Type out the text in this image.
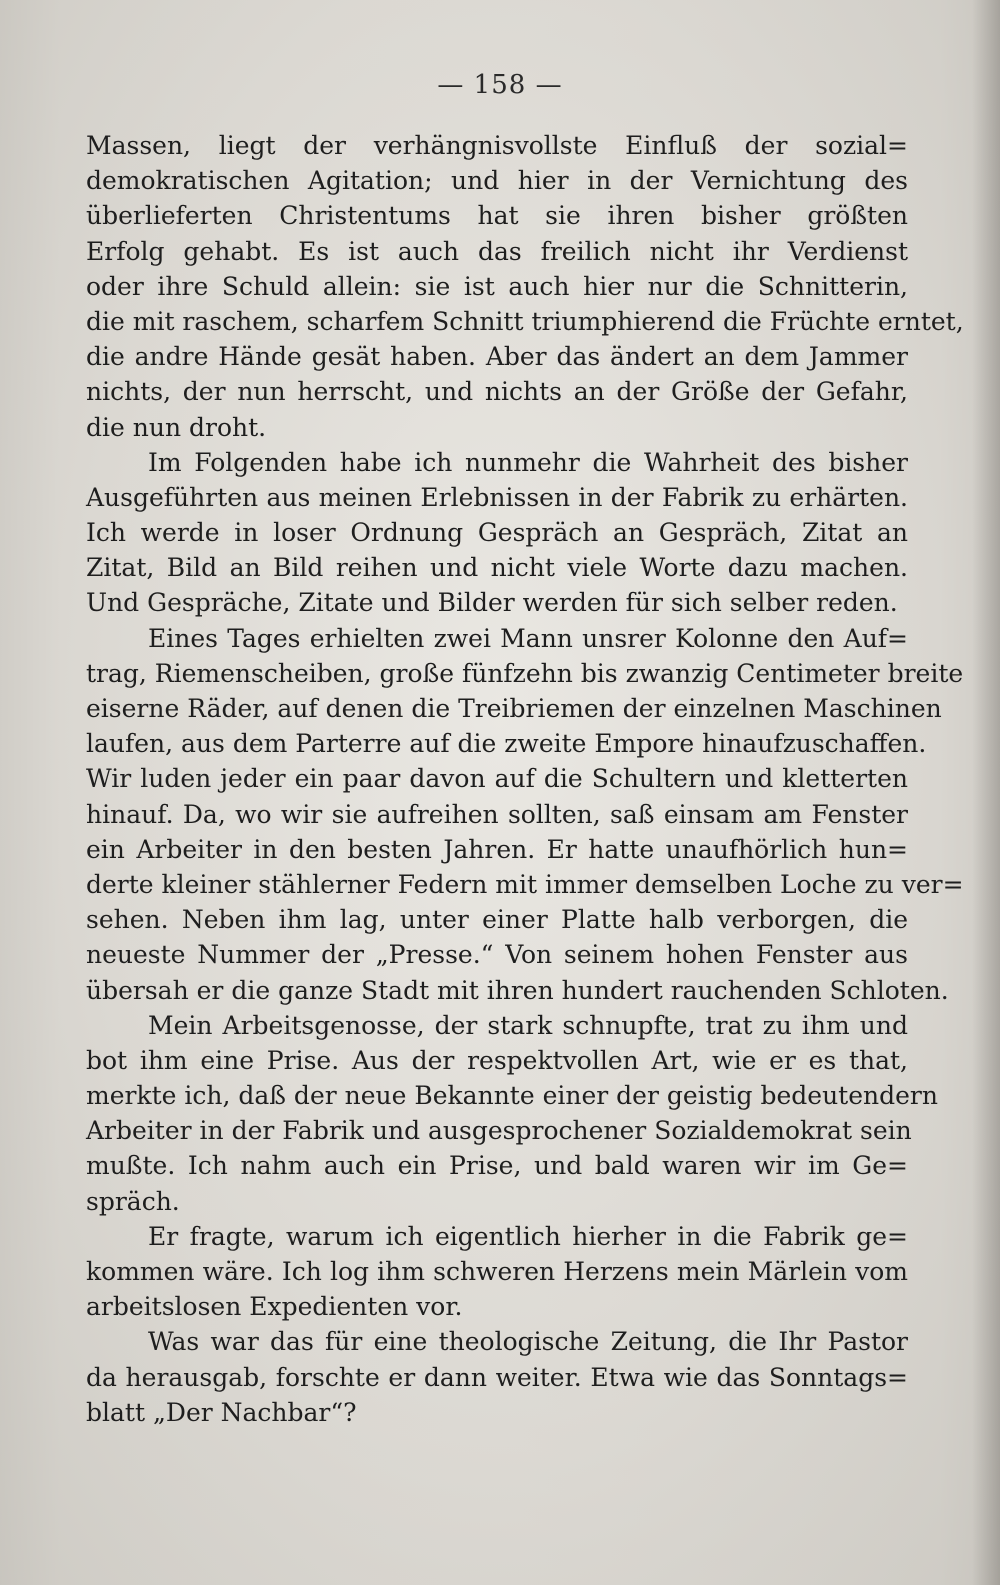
— 158 —
Massen, liegt der verhängnisvollste Einfluß der sozial=
demokratischen Agitation; und hier in der Vernichtung des
überlieferten Christentums hat sie ihren bisher größten
Erfolg gehabt. Es ist auch das freilich nicht ihr Verdienst
oder ihre Schuld allein: sie ist auch hier nur die Schnitterin,
die mit raschem, scharfem Schnitt triumphierend die Früchte erntet,
die andre Hände gesät haben. Aber das ändert an dem Jammer
nichts, der nun herrscht, und nichts an der Größe der Gefahr,
die nun droht.
Im Folgenden habe ich nunmehr die Wahrheit des bisher
Ausgeführten aus meinen Erlebnissen in der Fabrik zu erhärten.
Ich werde in loser Ordnung Gespräch an Gespräch, Zitat an
Zitat, Bild an Bild reihen und nicht viele Worte dazu machen.
Und Gespräche, Zitate und Bilder werden für sich selber reden.
Eines Tages erhielten zwei Mann unsrer Kolonne den Auf=
trag, Riemenscheiben, große fünfzehn bis zwanzig Centimeter breite
eiserne Räder, auf denen die Treibriemen der einzelnen Maschinen
laufen, aus dem Parterre auf die zweite Empore hinaufzuschaffen.
Wir luden jeder ein paar davon auf die Schultern und kletterten
hinauf. Da, wo wir sie aufreihen sollten, saß einsam am Fenster
ein Arbeiter in den besten Jahren. Er hatte unaufhörlich hun=
derte kleiner stählerner Federn mit immer demselben Loche zu ver=
sehen. Neben ihm lag, unter einer Platte halb verborgen, die
neueste Nummer der „Presse.“ Von seinem hohen Fenster aus
übersah er die ganze Stadt mit ihren hundert rauchenden Schloten.
Mein Arbeitsgenosse, der stark schnupfte, trat zu ihm und
bot ihm eine Prise. Aus der respektvollen Art, wie er es that,
merkte ich, daß der neue Bekannte einer der geistig bedeutendern
Arbeiter in der Fabrik und ausgesprochener Sozialdemokrat sein
mußte. Ich nahm auch ein Prise, und bald waren wir im Ge=
spräch.
Er fragte, warum ich eigentlich hierher in die Fabrik ge=
kommen wäre. Ich log ihm schweren Herzens mein Märlein vom
arbeitslosen Expedienten vor.
Was war das für eine theologische Zeitung, die Ihr Pastor
da herausgab, forschte er dann weiter. Etwa wie das Sonntags=
blatt „Der Nachbar“?
